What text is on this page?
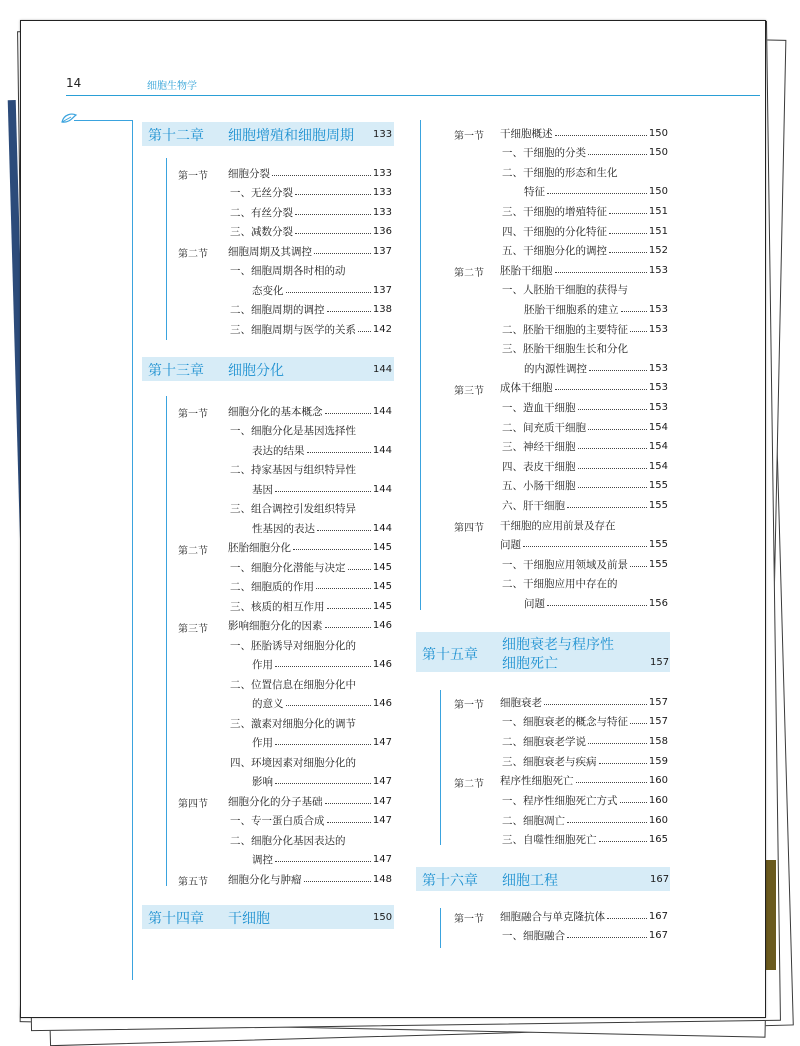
14	细胞生物学
第十二章 细胞增殖和细胞周期 133
第十三章 细胞分化	144
第十四章 干细胞	150
第十五章
细胞衰老与程序性
细胞死亡	157
第十六章 细胞工程	167
第一节 细胞分裂	133
一、无丝分裂	133
二、有丝分裂	133
三、减数分裂	136
第二节 细胞周期及其调控	137
一、细胞周期各时相的动
态变化	137
二、细胞周期的调控	138
三、细胞周期与医学的关系 142
第一节 细胞分化的基本概念	144
一、细胞分化是基因选择性
表达的结果	144
二、持家基因与组织特异性
基因	144
三、组合调控引发组织特异
性基因的表达	144
第二节 胚胎细胞分化	145
一、细胞分化潜能与决定	145
二、细胞质的作用	145
三、核质的相互作用	145
第三节 影响细胞分化的因素	146
一、胚胎诱导对细胞分化的
作用	146
二、位置信息在细胞分化中
的意义	146
三、激素对细胞分化的调节
作用	147
四、环境因素对细胞分化的
影响	147
第四节 细胞分化的分子基础	147
一、专一蛋白质合成	147
二、细胞分化基因表达的
调控	147
第五节 细胞分化与肿瘤	148
第一节 干细胞概述	150
一、干细胞的分类	150
二、干细胞的形态和生化
特征	150
三、干细胞的增殖特征	151
四、干细胞的分化特征	151
五、干细胞分化的调控	152
第二节 胚胎干细胞	153
一、人胚胎干细胞的获得与
胚胎干细胞系的建立	153
二、胚胎干细胞的主要特征 153
三、胚胎干细胞生长和分化
的内源性调控	153
第三节 成体干细胞	153
一、造血干细胞	153
二、间充质干细胞	154
三、神经干细胞	154
四、表皮干细胞	154
五、小肠干细胞	155
六、肝干细胞	155
第四节 干细胞的应用前景及存在
问题	155
一、干细胞应用领域及前景 155
二、干细胞应用中存在的
问题	156
第一节 细胞衰老	157
一、细胞衰老的概念与特征 157
二、细胞衰老学说	158
三、细胞衰老与疾病	159
第二节 程序性细胞死亡	160
一、程序性细胞死亡方式	160
二、细胞凋亡	160
三、自噬性细胞死亡	165
第一节 细胞融合与单克隆抗体	167
一、细胞融合	167
